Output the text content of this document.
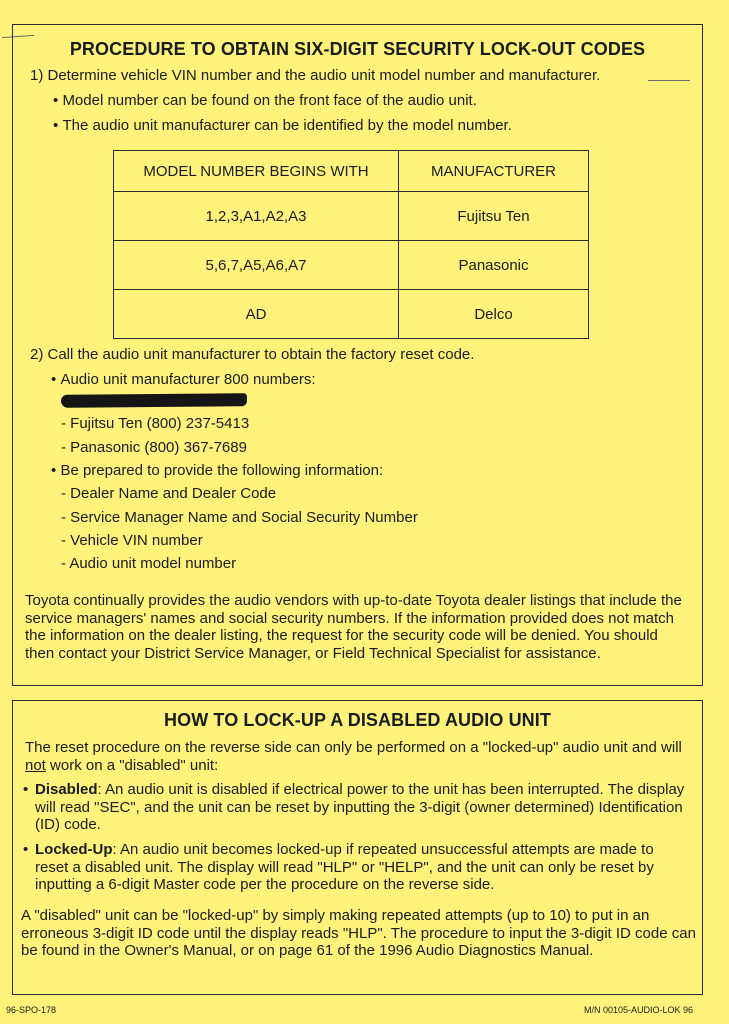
PROCEDURE TO OBTAIN SIX-DIGIT SECURITY LOCK-OUT CODES
1) Determine vehicle VIN number and the audio unit model number and manufacturer.
• Model number can be found on the front face of the audio unit.
• The audio unit manufacturer can be identified by the model number.
MODEL NUMBER BEGINS WITH	MANUFACTURER
1,2,3,A1,A2,A3	Fujitsu Ten
5,6,7,A5,A6,A7	Panasonic
AD	Delco
2) Call the audio unit manufacturer to obtain the factory reset code.
• Audio unit manufacturer 800 numbers:
- Fujitsu Ten (800) 237-5413
- Panasonic (800) 367-7689
• Be prepared to provide the following information:
- Dealer Name and Dealer Code
- Service Manager Name and Social Security Number
- Vehicle VIN number
- Audio unit model number
Toyota continually provides the audio vendors with up-to-date Toyota dealer listings that include the service managers' names and social security numbers. If the information provided does not match the information on the dealer listing, the request for the security code will be denied. You should then contact your District Service Manager, or Field Technical Specialist for assistance.
HOW TO LOCK-UP A DISABLED AUDIO UNIT
The reset procedure on the reverse side can only be performed on a "locked-up" audio unit and will not work on a "disabled" unit:
• Disabled: An audio unit is disabled if electrical power to the unit has been interrupted. The display will read "SEC", and the unit can be reset by inputting the 3-digit (owner determined) Identification (ID) code.
• Locked-Up: An audio unit becomes locked-up if repeated unsuccessful attempts are made to reset a disabled unit. The display will read "HLP" or "HELP", and the unit can only be reset by inputting a 6-digit Master code per the procedure on the reverse side.
A "disabled" unit can be "locked-up" by simply making repeated attempts (up to 10) to put in an erroneous 3-digit ID code until the display reads "HLP". The procedure to input the 3-digit ID code can be found in the Owner's Manual, or on page 61 of the 1996 Audio Diagnostics Manual.
96-SPO-178	M/N 00105-AUDIO-LOK 96
